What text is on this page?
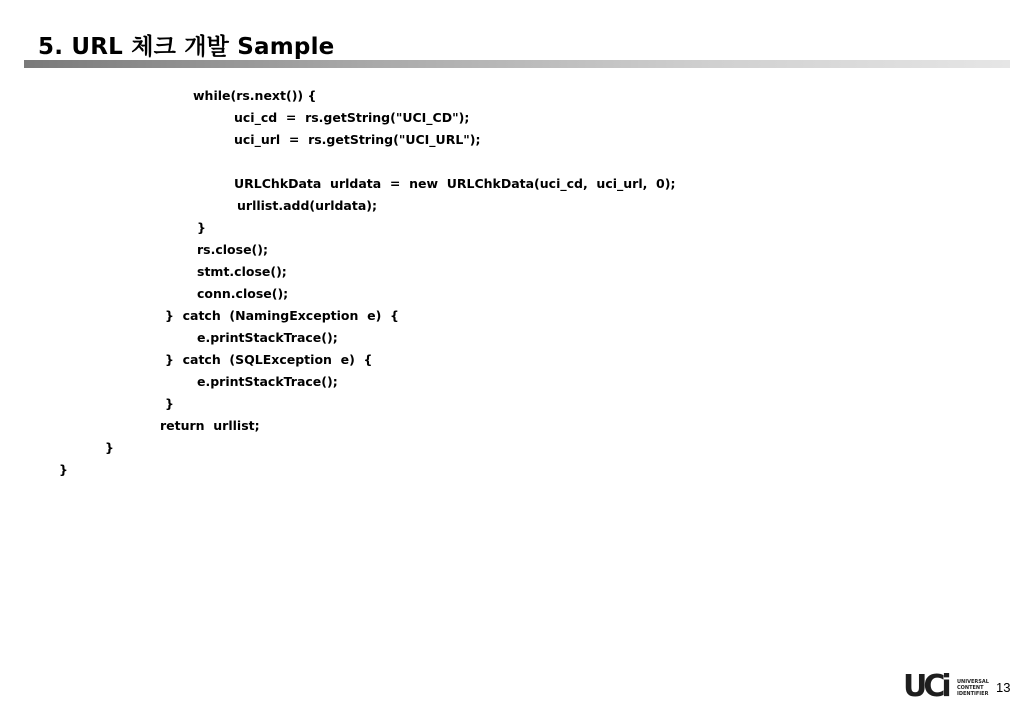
5. URL 체크 개발 Sample
while(rs.next()) {
uci_cd  =  rs.getString("UCI_CD");
uci_url  =  rs.getString("UCI_URL");
URLChkData  urldata  =  new  URLChkData(uci_cd,  uci_url,  0);
urllist.add(urldata);
}
rs.close();
stmt.close();
conn.close();
}  catch  (NamingException  e)  {
e.printStackTrace();
}  catch  (SQLException  e)  {
e.printStackTrace();
}
return  urllist;
}
}
UCi UNIVERSAL
CONTENT
IDENTIFIER 13
